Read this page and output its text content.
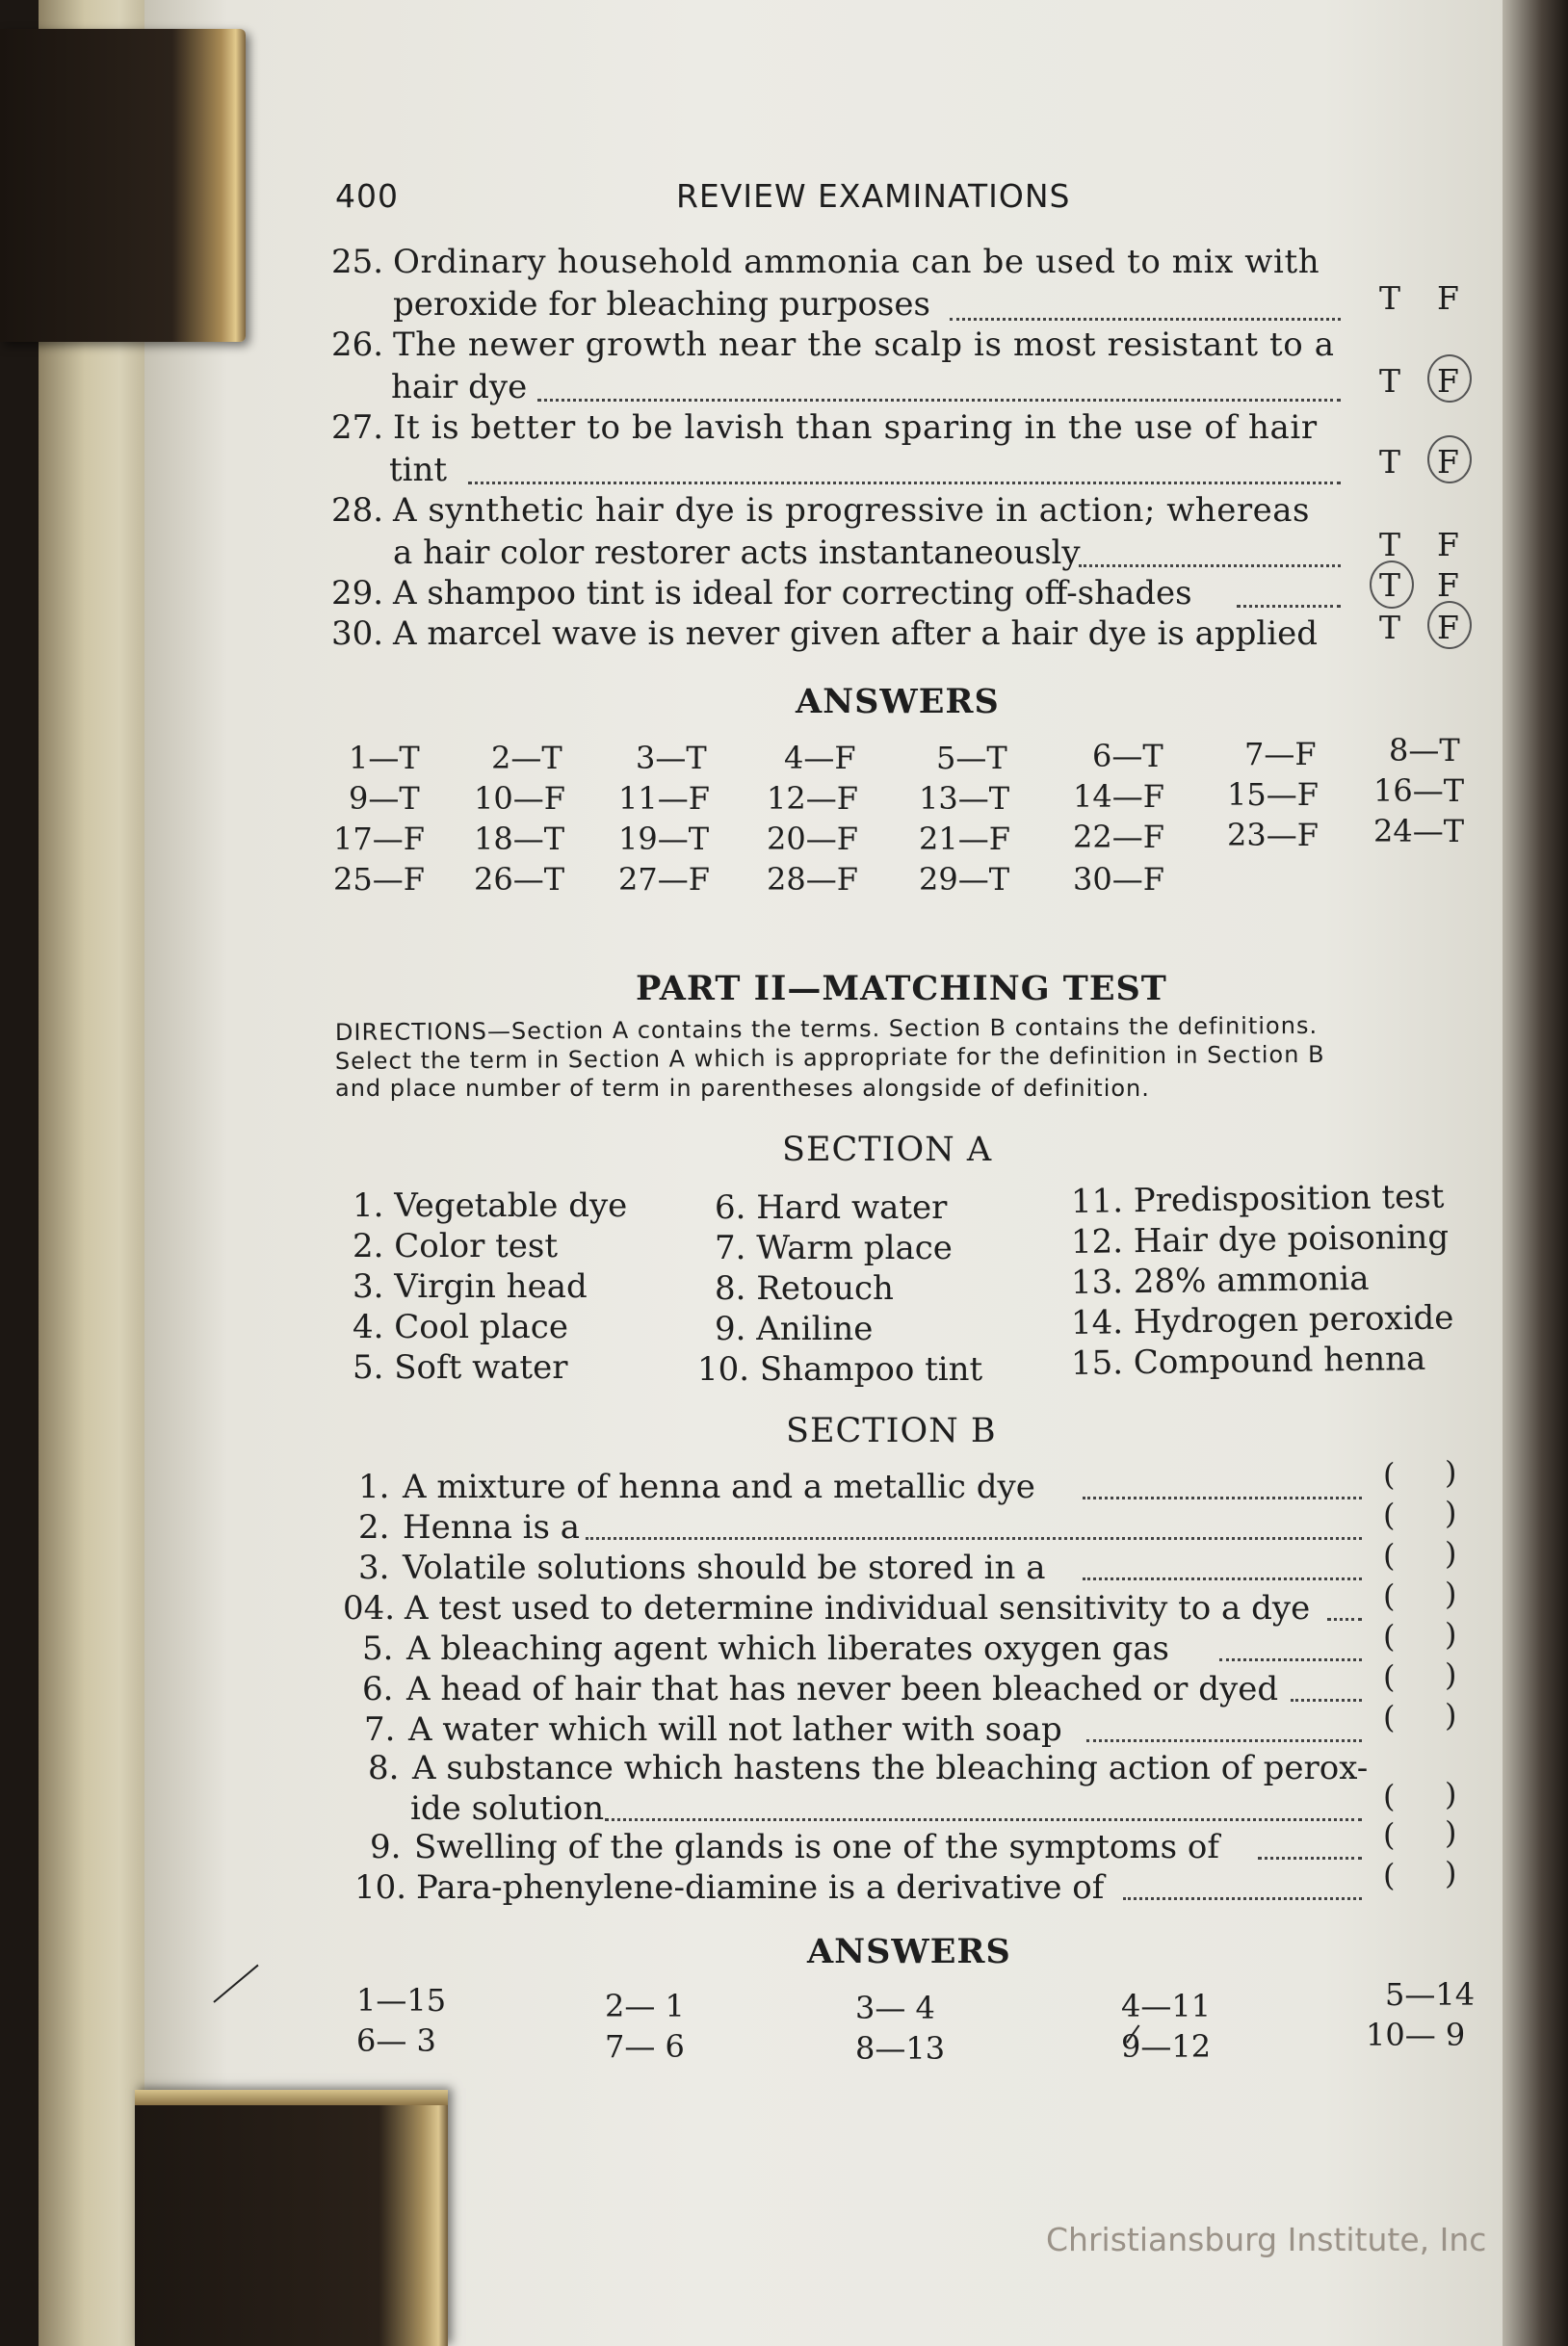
400	REVIEW EXAMINATIONS
25. Ordinary household ammonia can be used to mix with
peroxide for bleaching purposes	T F
26. The newer growth near the scalp is most resistant to a
hair dye	T F
27. It is better to be lavish than sparing in the use of hair
tint	T F
28. A synthetic hair dye is progressive in action; whereas
a hair color restorer acts instantaneously	T F
29. A shampoo tint is ideal for correcting off-shades	T F
30. A marcel wave is never given after a hair dye is applied T F
ANSWERS
1—T 2—T 3—T	4—F	5—T	6—T	7—F 8—T
9—T 10—F 11—F 12—F 13—T 14—F 15—F 16—T
17—F 18—T 19—T 20—F 21—F 22—F 23—F 24—T
25—F 26—T 27—F 28—F 29—T 30—F
PART II—MATCHING TEST
DIRECTIONS—Section A contains the terms. Section B contains the definitions.
Select the term in Section A which is appropriate for the definition in Section B
and place number of term in parentheses alongside of definition.
SECTION A
1. Vegetable dye
2. Color test
3. Virgin head
4. Cool place
5. Soft water
6. Hard water
7. Warm place
8. Retouch
9. Aniline
10. Shampoo tint
11. Predisposition test
12. Hair dye poisoning
13. 28% ammonia
14. Hydrogen peroxide
15. Compound henna
SECTION B
1. A mixture of henna and a metallic dye	( )
2. Henna is a	( )
3. Volatile solutions should be stored in a	( )
04. A test used to determine individual sensitivity to a dye ( )
5. A bleaching agent which liberates oxygen gas	( )
6. A head of hair that has never been bleached or dyed	( )
7. A water which will not lather with soap	( )
8. A substance which hastens the bleaching action of perox-
ide solution	( )
9. Swelling of the glands is one of the symptoms of	( )
10. Para-phenylene-diamine is a derivative of	( )
ANSWERS
1—15	2— 1	3— 4	4—11	5—14
6— 3	7— 6	8—13	9—12	10— 9
Christiansburg Institute, Inc
